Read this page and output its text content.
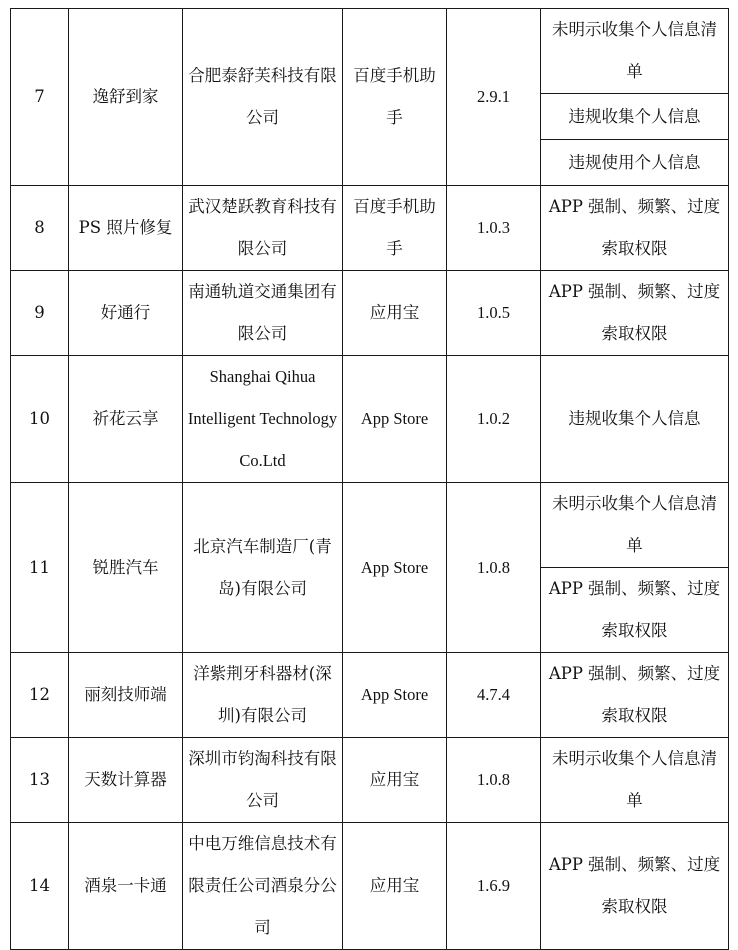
7	逸舒到家	合肥泰舒芙科技有限公司	百度手机助手	2.9.1	未明示收集个人信息清单
					违规收集个人信息
					违规使用个人信息
8	PS 照片修复	武汉楚跃教育科技有限公司	百度手机助手	1.0.3	APP 强制、频繁、过度索取权限
9	好通行	南通轨道交通集团有限公司	应用宝	1.0.5	APP 强制、频繁、过度索取权限
10	祈花云享	Shanghai Qihua Intelligent Technology Co.Ltd	App Store	1.0.2	违规收集个人信息
11	锐胜汽车	北京汽车制造厂(青岛)有限公司	App Store	1.0.8	未明示收集个人信息清单
					APP 强制、频繁、过度索取权限
12	丽刻技师端	洋紫荆牙科器材(深圳)有限公司	App Store	4.7.4	APP 强制、频繁、过度索取权限
13	天数计算器	深圳市钧淘科技有限公司	应用宝	1.0.8	未明示收集个人信息清单
14	酒泉一卡通	中电万维信息技术有限责任公司酒泉分公司	应用宝	1.6.9	APP 强制、频繁、过度索取权限
